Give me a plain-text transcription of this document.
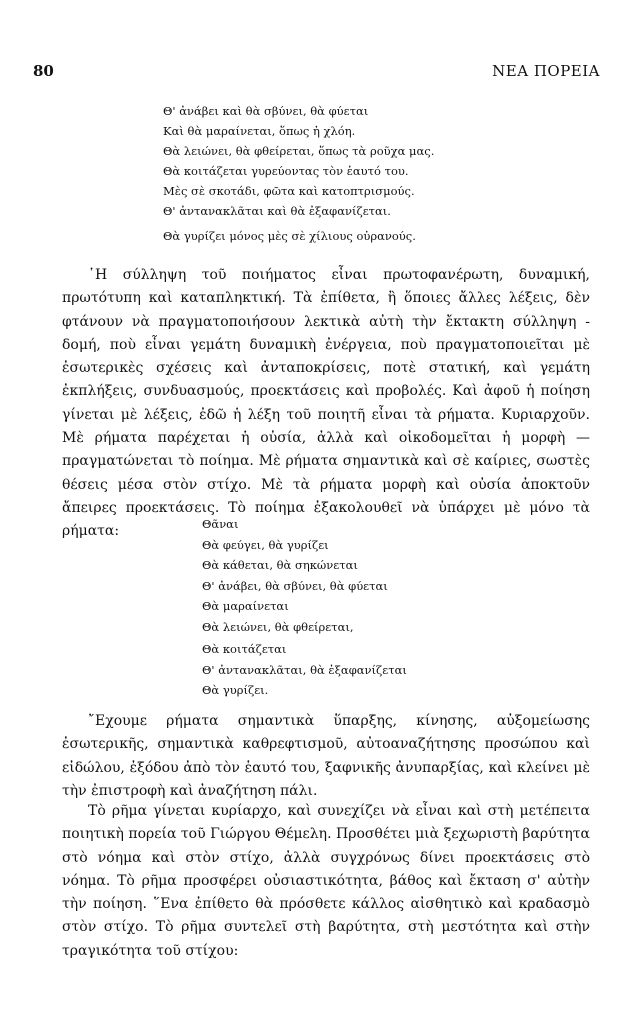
80	ΝΕΑ ΠΟΡΕΙΑ
Θ' ἀνάβει καὶ θὰ σβύνει, θὰ φύεται
Καὶ θὰ μαραίνεται, ὅπως ἡ χλόη.
Θὰ λειώνει, θὰ φθείρεται, ὅπως τὰ ροῦχα μας.
Θὰ κοιτάζεται γυρεύοντας τὸν ἑαυτό του.
Μὲς σὲ σκοτάδι, φῶτα καὶ κατοπτρισμούς.
Θ' ἀντανακλᾶται καὶ θὰ ἐξαφανίζεται.
Θὰ γυρίζει μόνος μὲς σὲ χίλιους οὐρανούς.

῾Η σύλληψη τοῦ ποιήματος εἶναι πρωτοφανέρωτη, δυναμική, πρωτότυπη καὶ καταπληκτική. Τὰ ἐπίθετα, ἢ ὅποιες ἄλλες λέξεις, δὲν φτάνουν νὰ πραγματοποιήσουν λεκτικὰ αὐτὴ τὴν ἔκτακτη σύλληψη - δομή, ποὺ εἶναι γεμάτη δυναμικὴ ἐνέργεια, ποὺ πραγματοποιεῖται μὲ ἐσωτερικὲς σχέσεις καὶ ἀνταποκρίσεις, ποτὲ στατική, καὶ γεμάτη ἐκπλήξεις, συνδυασμούς, προεκτάσεις καὶ προβολές. Καὶ ἀφοῦ ἡ ποίηση γίνεται μὲ λέξεις, ἐδῶ ἡ λέξη τοῦ ποιητῆ εἶναι τὰ ρήματα. Κυριαρχοῦν. Μὲ ρήματα παρέχεται ἡ οὐσία, ἀλλὰ καὶ οἰκοδομεῖται ἡ μορφὴ — πραγματώνεται τὸ ποίημα. Μὲ ρήματα σημαντικὰ καὶ σὲ καίριες, σωστὲς θέσεις μέσα στὸν στίχο. Μὲ τὰ ρήματα μορφὴ καὶ οὐσία ἀποκτοῦν ἄπειρες προεκτάσεις. Τὸ ποίημα ἐξακολουθεῖ νὰ ὑπάρχει μὲ μόνο τὰ ρήματα:	Θᾶναι
Θὰ φεύγει, θὰ γυρίζει
Θὰ κάθεται, θὰ σηκώνεται
Θ' ἀνάβει, θὰ σβύνει, θὰ φύεται
Θὰ μαραίνεται
Θὰ λειώνει, θὰ φθείρεται,
Θὰ κοιτάζεται
Θ' ἀντανακλᾶται, θὰ ἐξαφανίζεται
Θὰ γυρίζει.

῎Εχουμε ρήματα σημαντικὰ ὕπαρξης, κίνησης, αὐξομείωσης ἐσωτερικῆς, σημαντικὰ καθρεφτισμοῦ, αὐτοαναζήτησης προσώπου καὶ εἰδώλου, ἐξόδου ἀπὸ τὸν ἑαυτό του, ξαφνικῆς ἀνυπαρξίας, καὶ κλείνει μὲ τὴν ἐπιστροφὴ καὶ ἀναζήτηση πάλι.

Τὸ ρῆμα γίνεται κυρίαρχο, καὶ συνεχίζει νὰ εἶναι καὶ στὴ μετέπειτα ποιητικὴ πορεία τοῦ Γιώργου Θέμελη. Προσθέτει μιὰ ξεχωριστὴ βαρύτητα στὸ νόημα καὶ στὸν στίχο, ἀλλὰ συγχρόνως δίνει προεκτάσεις στὸ νόημα. Τὸ ρῆμα προσφέρει οὐσιαστικότητα, βάθος καὶ ἔκταση σ' αὐτὴν τὴν ποίηση. ῞Ενα ἐπίθετο θὰ πρόσθετε κάλλος αἰσθητικὸ καὶ κραδασμὸ στὸν στίχο. Τὸ ρῆμα συντελεῖ στὴ βαρύτητα, στὴ μεστότητα καὶ στὴν τραγικότητα τοῦ στίχου:
